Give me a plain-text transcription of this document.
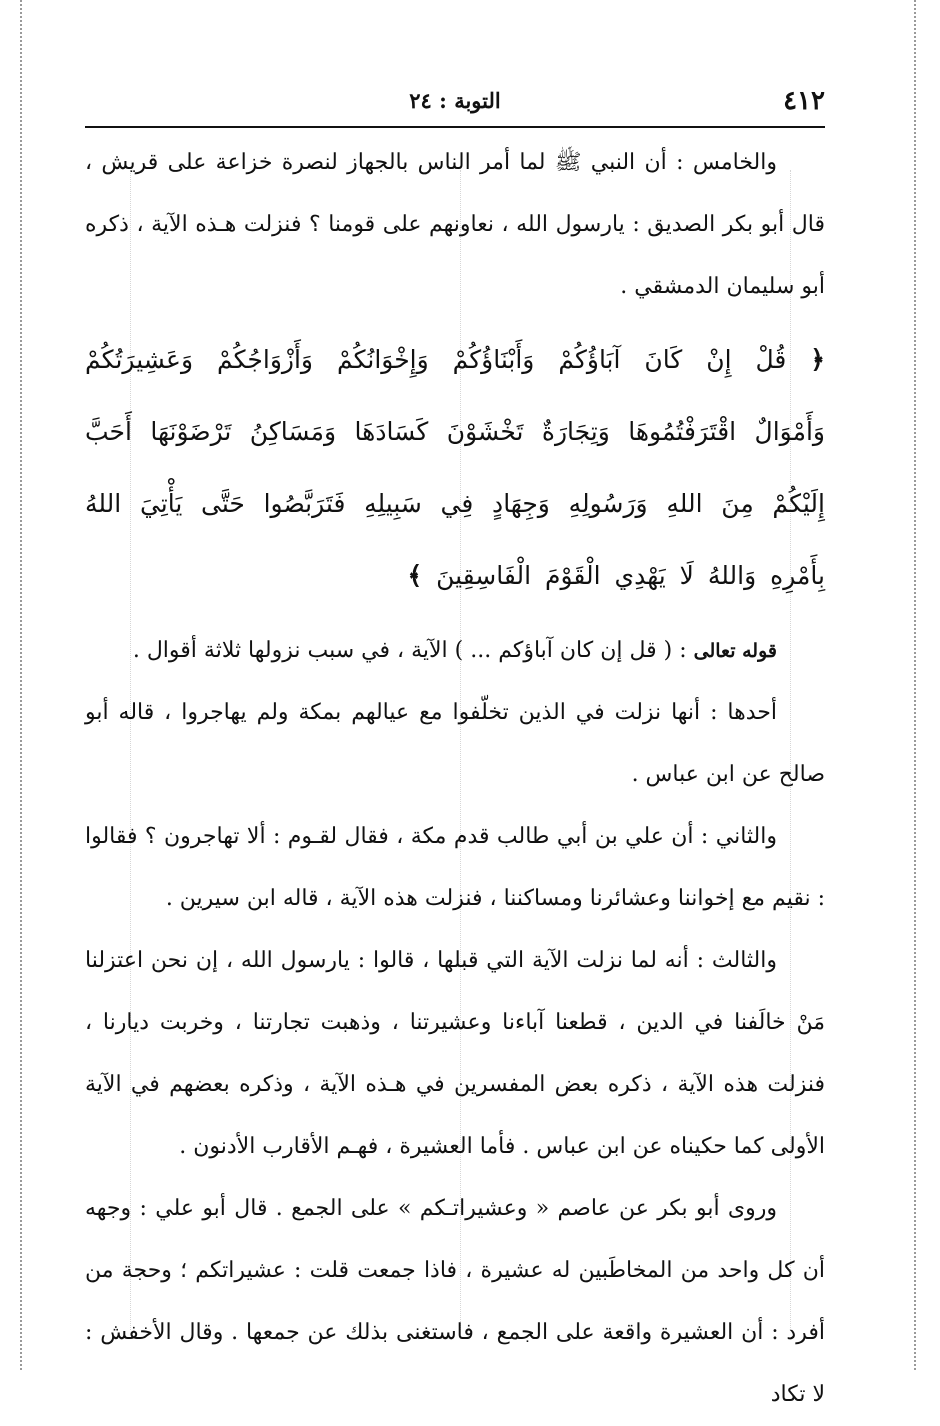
٤١٢
التوبة : ٢٤

والخامس : أن النبي ﷺ لما أمر الناس بالجهاز لنصرة خزاعة على قريش ، قال أبو بكر الصديق : يارسول الله ، نعاونهم على قومنا ؟ فنزلت هـذه الآية ، ذكره أبو سليمان الدمشقي .

﴿ قُلْ إِنْ كَانَ آبَاؤُكُمْ وَأَبْنَاؤُكُمْ وَإِخْوَانُكُمْ وَأَزْوَاجُكُمْ وَعَشِيرَتُكُمْ وَأَمْوَالٌ اقْتَرَفْتُمُوهَا وَتِجَارَةٌ تَخْشَوْنَ كَسَادَهَا وَمَسَاكِنُ تَرْضَوْنَهَا أَحَبَّ إِلَيْكُمْ مِنَ اللهِ وَرَسُولِهِ وَجِهَادٍ فِي سَبِيلِهِ فَتَرَبَّصُوا حَتَّى يَأْتِيَ اللهُ بِأَمْرِهِ وَاللهُ لَا يَهْدِي الْقَوْمَ الْفَاسِقِينَ ﴾

قوله تعالى : ( قل إن كان آباؤكم ... ) الآية ، في سبب نزولها ثلاثة أقوال .

أحدها : أنها نزلت في الذين تخلّفوا مع عيالهم بمكة ولم يهاجروا ، قاله أبو صالح عن ابن عباس .

والثاني : أن علي بن أبي طالب قدم مكة ، فقال لقـوم : ألا تهاجرون ؟ فقالوا : نقيم مع إخواننا وعشائرنا ومساكننا ، فنزلت هذه الآية ، قاله ابن سيرين .

والثالث : أنه لما نزلت الآية التي قبلها ، قالوا : يارسول الله ، إن نحن اعتزلنا مَنْ خالَفنا في الدين ، قطعنا آباءنا وعشيرتنا ، وذهبت تجارتنا ، وخربت ديارنا ، فنزلت هذه الآية ، ذكره بعض المفسرين في هـذه الآية ، وذكره بعضهم في الآية الأولى كما حكيناه عن ابن عباس . فأما العشيرة ، فهـم الأقارب الأدنون .

وروى أبو بكر عن عاصم « وعشيراتـكم » على الجمع . قال أبو علي : وجهه أن كل واحد من المخاطَبين له عشيرة ، فاذا جمعت قلت : عشيراتكم ؛ وحجة من أفرد : أن العشيرة واقعة على الجمع ، فاستغنى بذلك عن جمعها . وقال الأخفش : لا تكاد
